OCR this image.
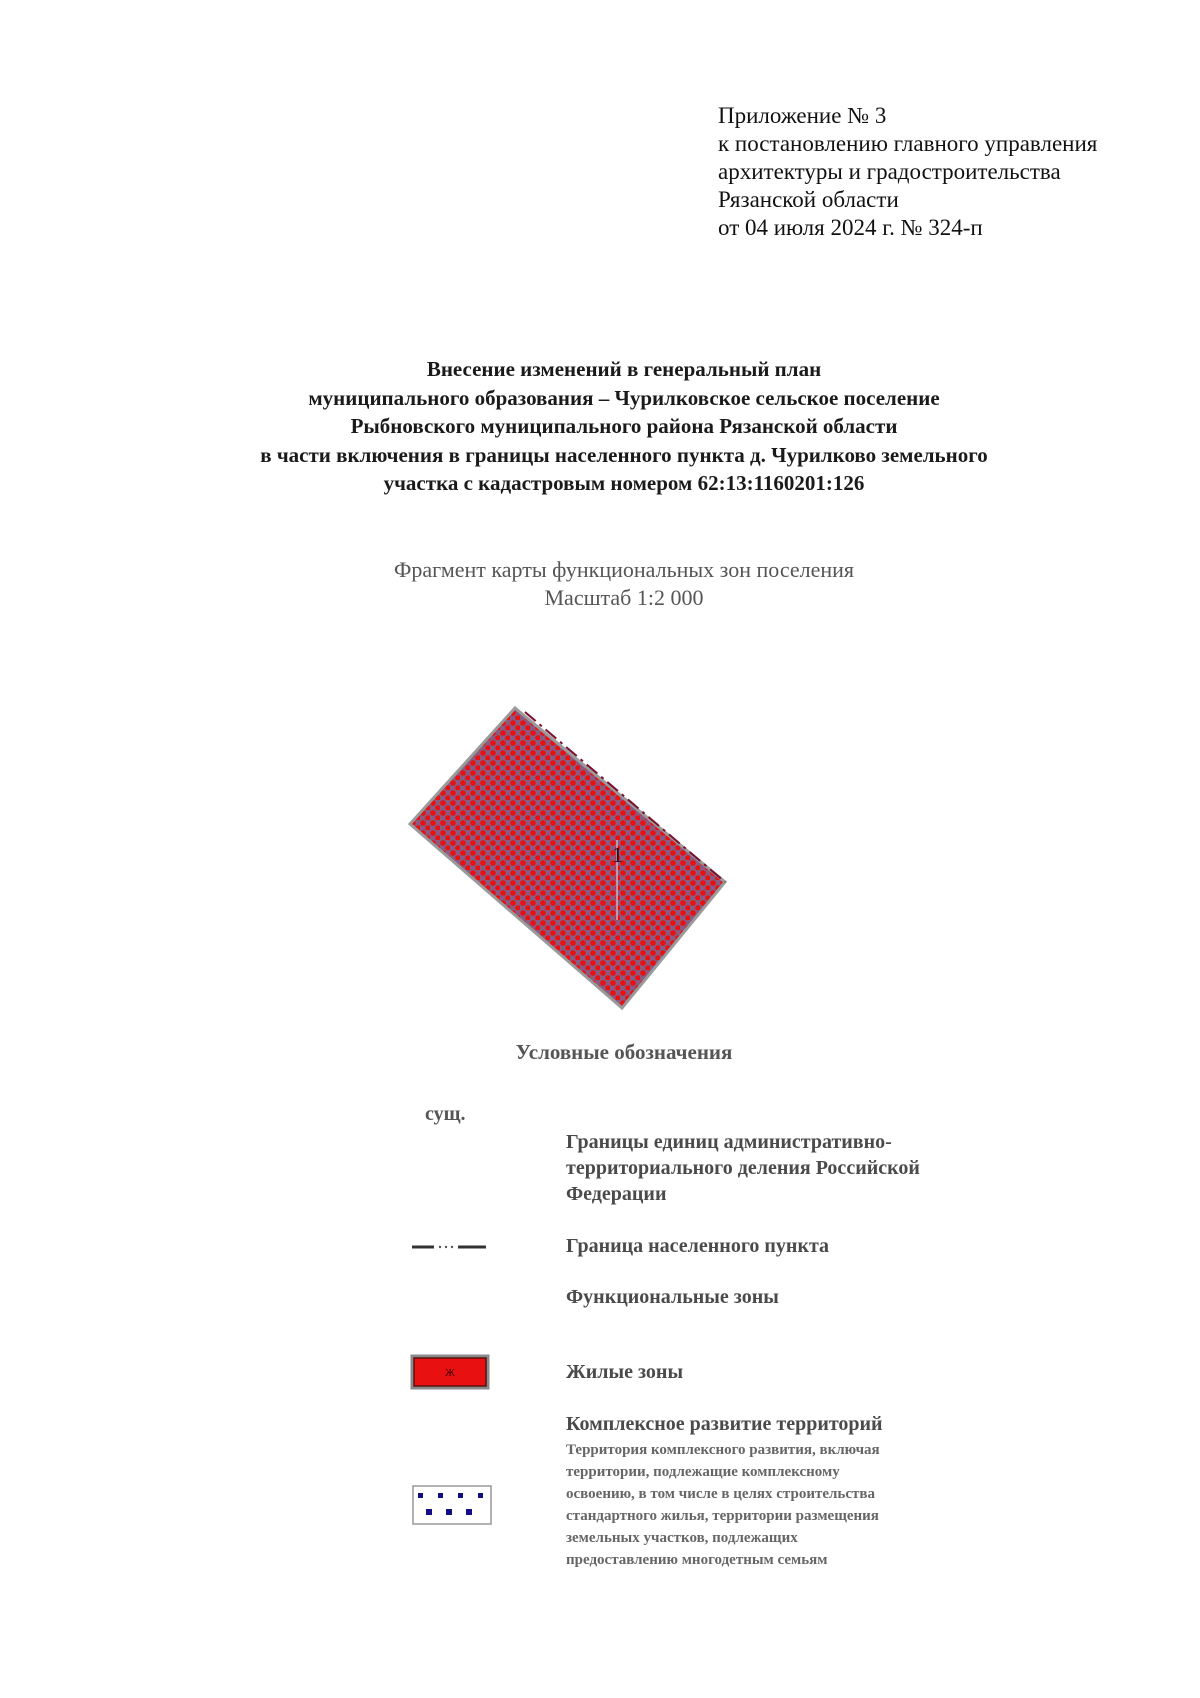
Приложение № 3
к постановлению главного управления
архитектуры и градостроительства
Рязанской области
от 04 июля 2024 г. № 324-п
Внесение изменений в генеральный план
муниципального образования – Чурилковское сельское поселение
Рыбновского муниципального района Рязанской области
в части включения в границы населенного пункта д. Чурилково земельного
участка с кадастровым номером 62:13:1160201:126
Фрагмент карты функциональных зон поселения
Масштаб 1:2 000
1
Условные обозначения
сущ.
Границы единиц административно-
территориального деления Российской
Федерации
Граница населенного пункта
Функциональные зоны
Ж	Жилые зоны
Комплексное развитие территорий
Территория комплексного развития, включая
территории, подлежащие комплексному
освоению, в том числе в целях строительства
стандартного жилья, территории размещения
земельных участков, подлежащих
предоставлению многодетным семьям
